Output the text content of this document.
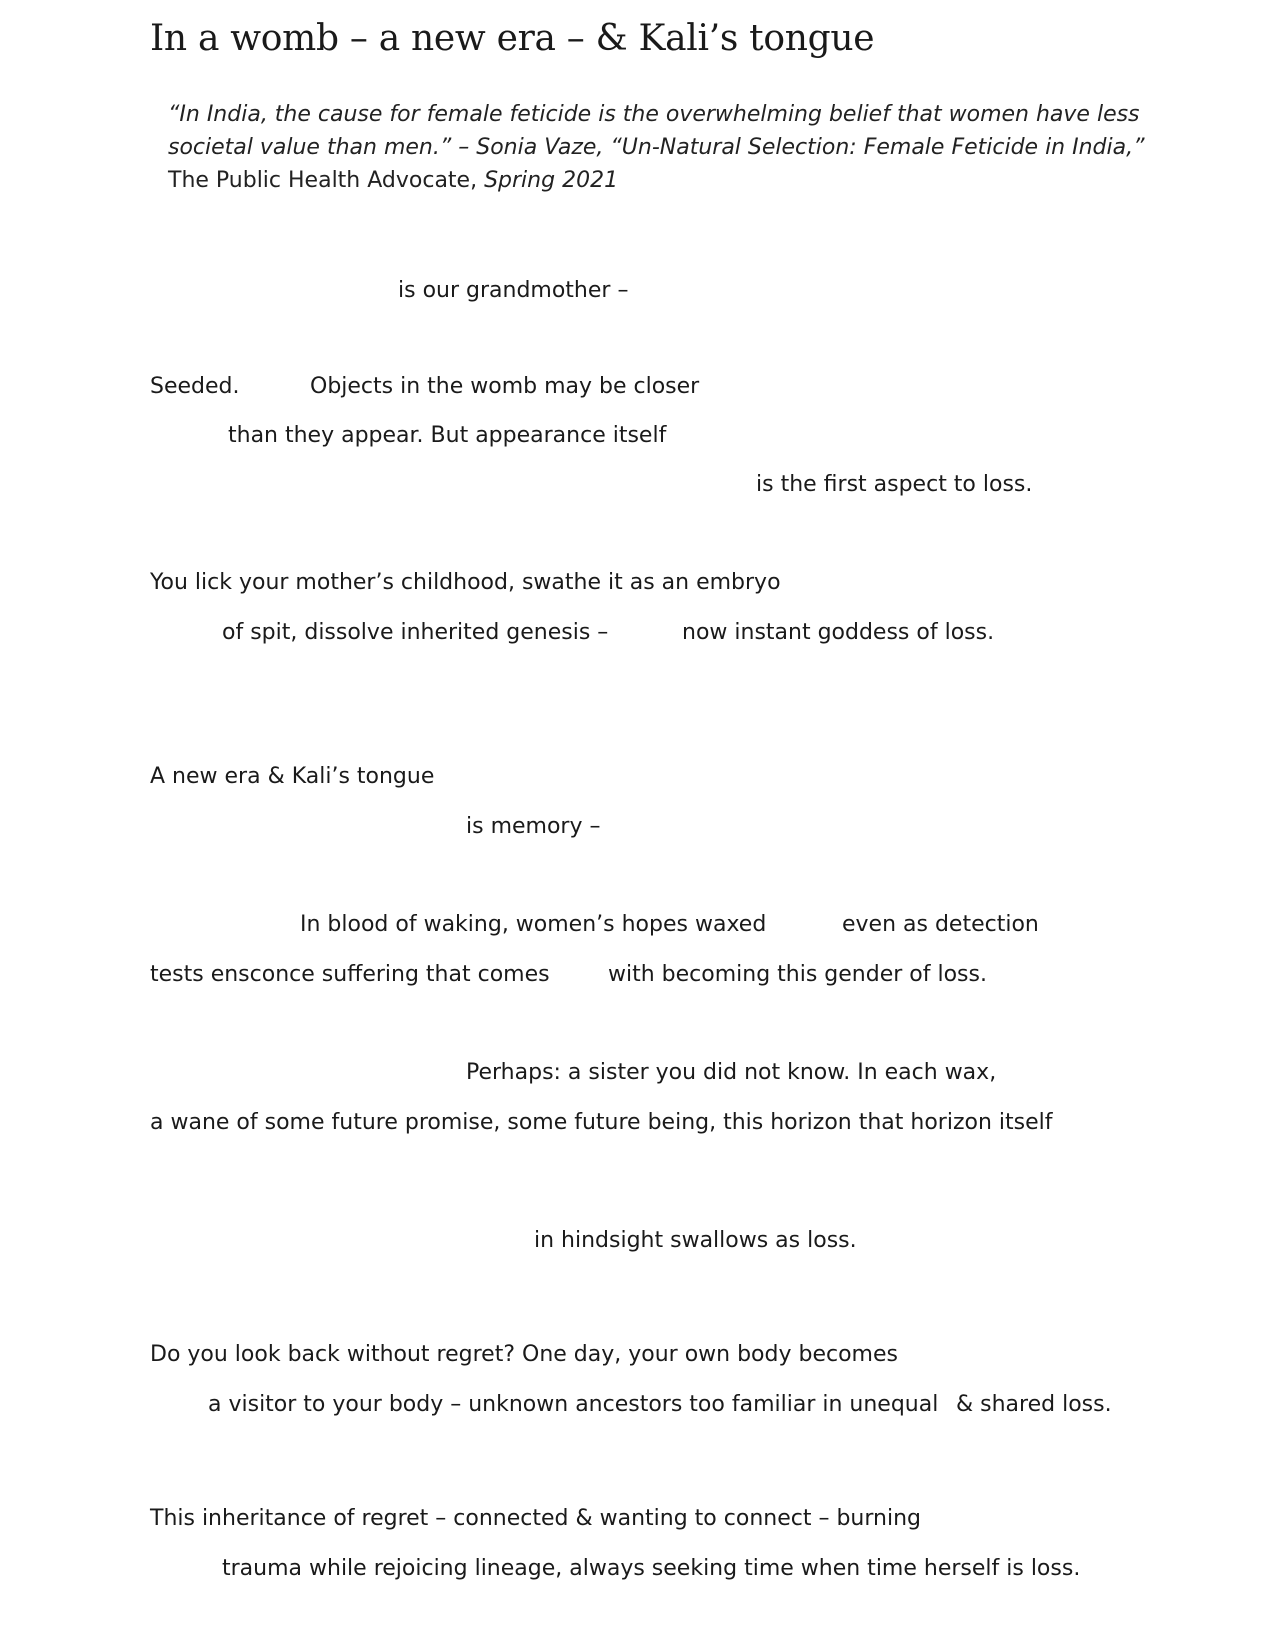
In a womb – a new era – & Kali’s tongue
“In India, the cause for female feticide is the overwhelming belief that women have less
societal value than men.” – Sonia Vaze, “Un-Natural Selection: Female Feticide in India,”
The Public Health Advocate, Spring 2021
is our grandmother –
Seeded.	Objects in the womb may be closer
than they appear. But appearance itself
is the first aspect to loss.
You lick your mother’s childhood, swathe it as an embryo
of spit, dissolve inherited genesis –	now instant goddess of loss.
A new era & Kali’s tongue
is memory –
In blood of waking, women’s hopes waxed	even as detection
tests ensconce suffering that comes	with becoming this gender of loss.
Perhaps: a sister you did not know. In each wax,
a wane of some future promise, some future being, this horizon that horizon itself
in hindsight swallows as loss.
Do you look back without regret? One day, your own body becomes
a visitor to your body – unknown ancestors too familiar in unequal & shared loss.
This inheritance of regret – connected & wanting to connect – burning
trauma while rejoicing lineage, always seeking time when time herself is loss.
